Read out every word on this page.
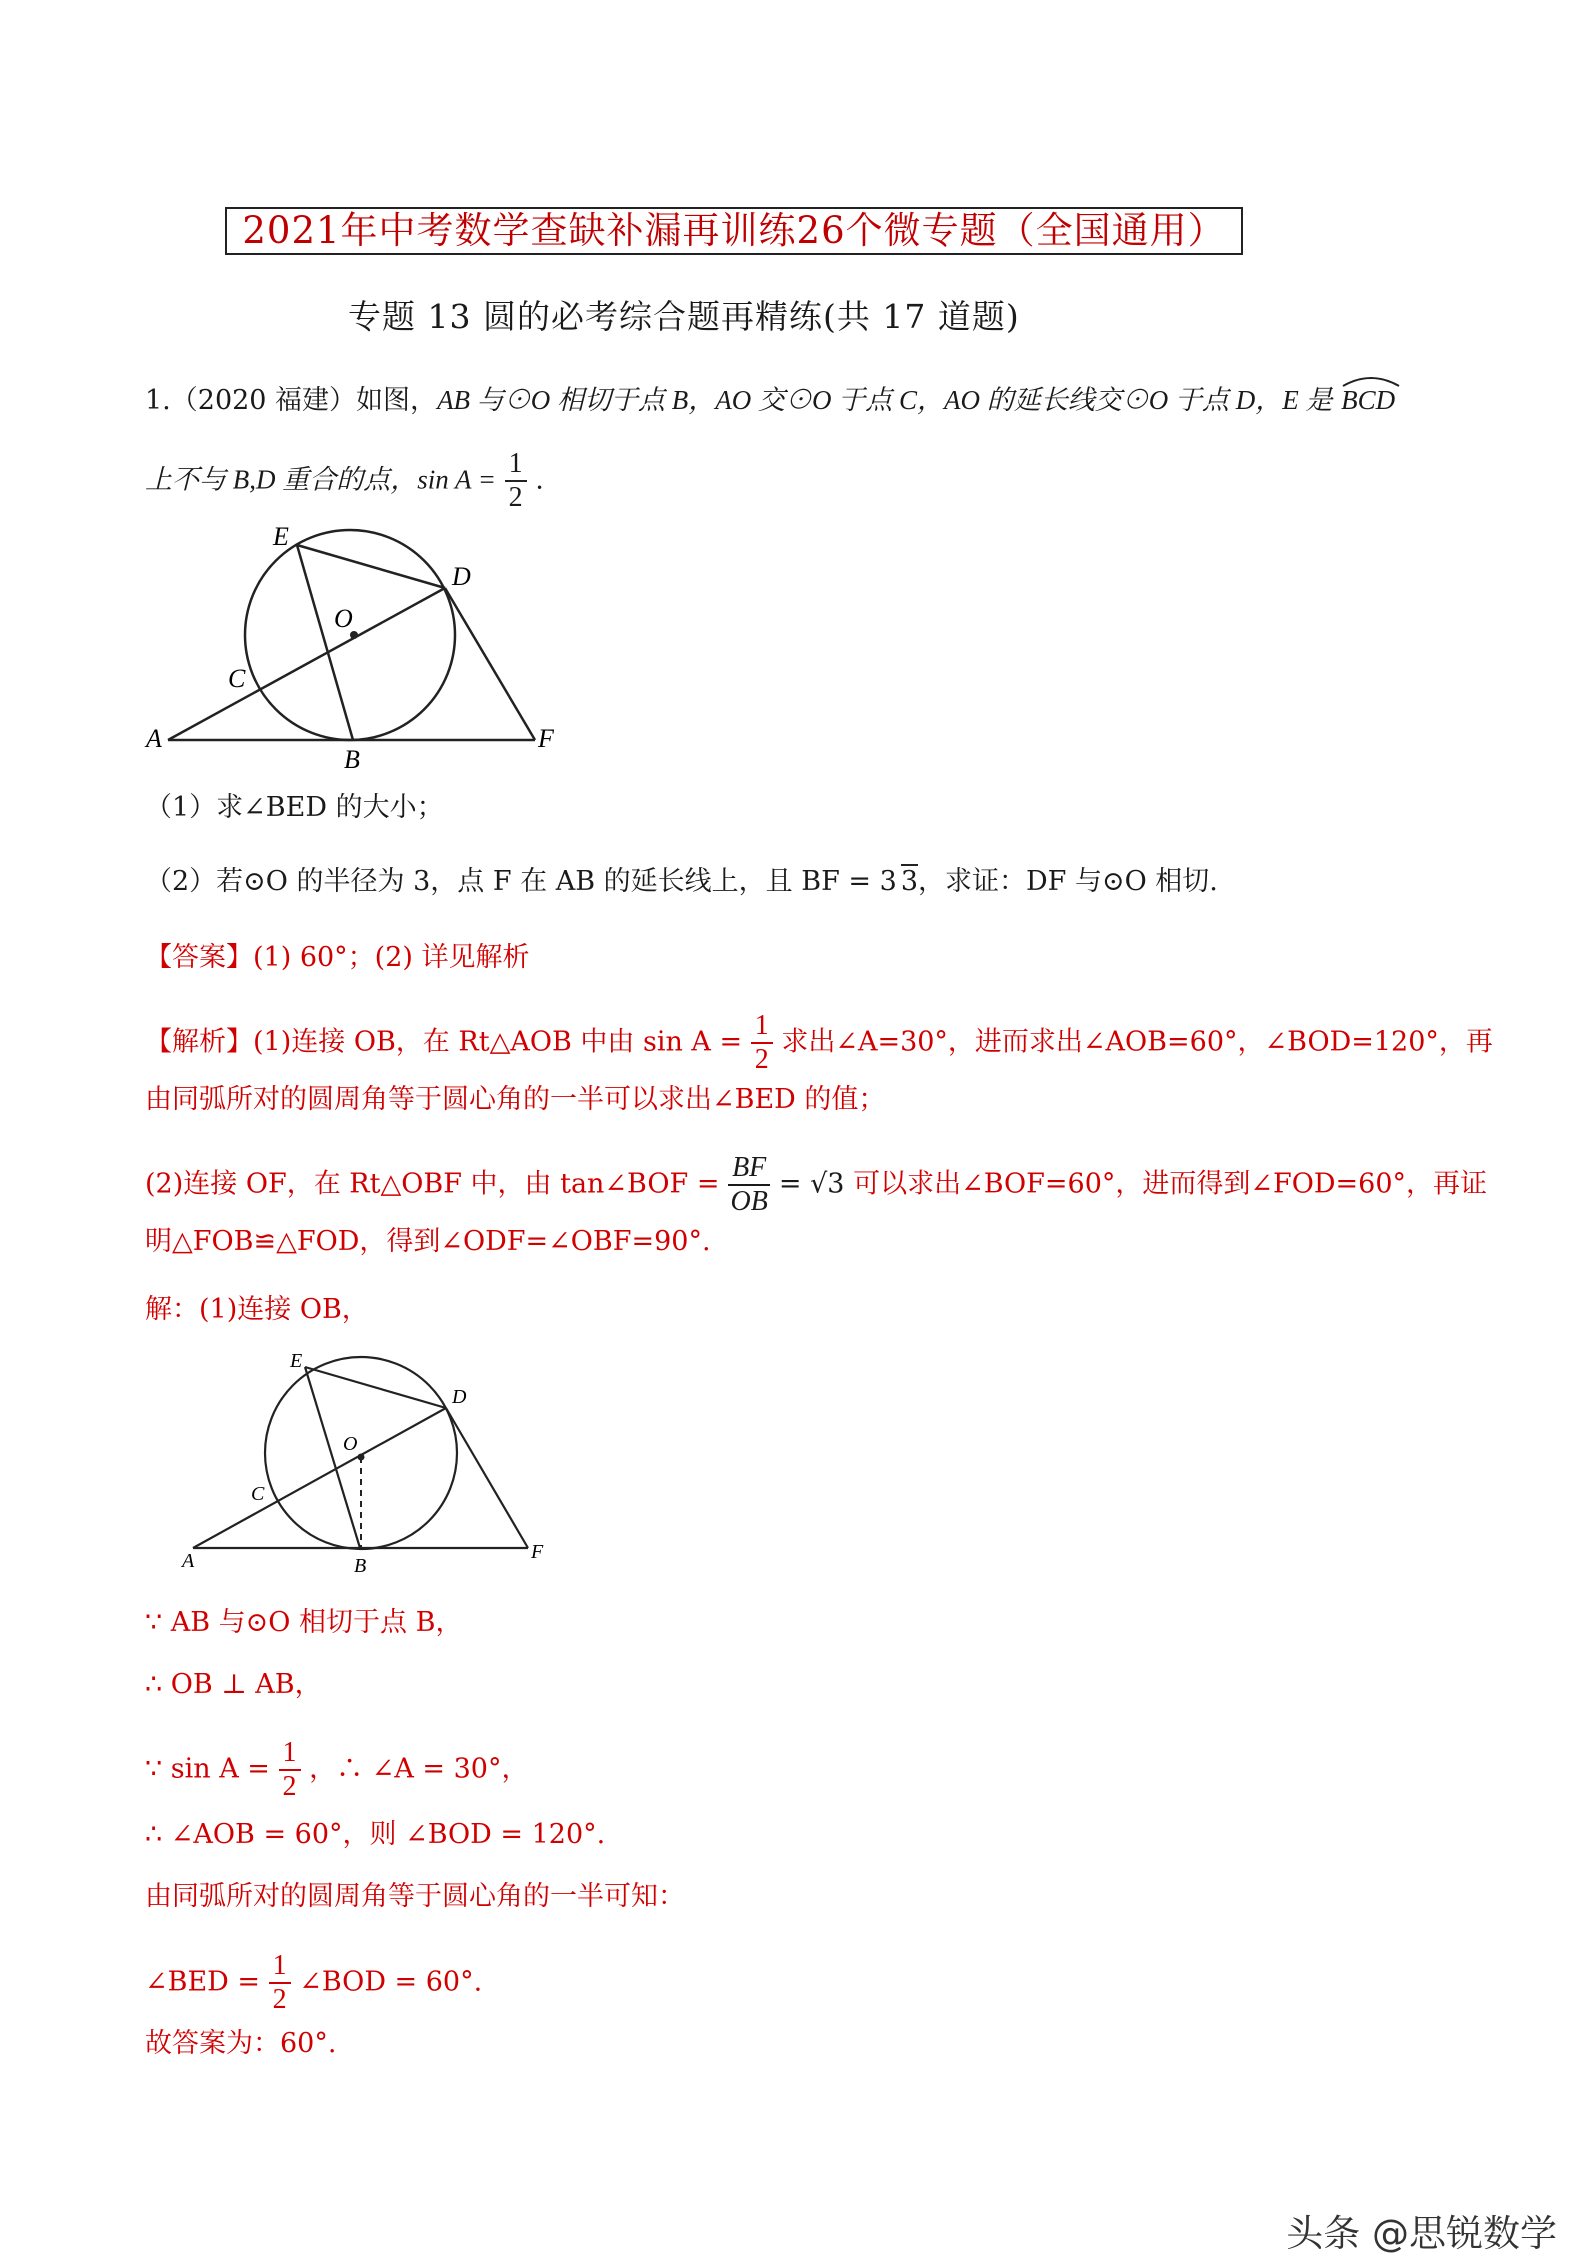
2021年中考数学查缺补漏再训练26个微专题（全国通用）
专题 13 圆的必考综合题再精练(共 17 道题)
1.（2020 福建）如图，AB 与⊙O 相切于点 B，AO 交⊙O 于点 C，AO 的延长线交⊙O 于点 D，E 是 BCD
上不与 B,D 重合的点，$\sin A = \frac{1}{2}$ .
E
D
O
C
A
B
F
（1）求∠BED 的大小；
（2）若⊙O 的半径为 3，点 F 在 AB 的延长线上，且 BF = 3 3，求证：DF 与⊙O 相切.
【答案】(1) 60°；(2) 详见解析
【解析】(1)连接 OB，在 Rt△AOB 中由 $\sin A = \frac{1}{2}$ 求出∠A=30°，进而求出∠AOB=60°，∠BOD=120°，再
由同弧所对的圆周角等于圆心角的一半可以求出∠BED 的值；
(2)连接 OF，在 Rt△OBF 中，由 tan∠BOF = $\frac{BF}{OB} = √3$ 可以求出∠BOF=60°，进而得到∠FOD=60°，再证
明△FOB≌△FOD，得到∠ODF=∠OBF=90°.
解：(1)连接 OB，
E
D
O
C
A	B
F
∵ AB 与⊙O 相切于点 B，
∴ OB ⊥ AB，
∵ $\sin A = \frac{1}{2}$ ，∴ ∠A = 30°，
∴ ∠AOB = 60°，则 ∠BOD = 120°.
由同弧所对的圆周角等于圆心角的一半可知：
∠BED = $\frac{1}{2}$ ∠BOD = 60°.
故答案为：60°.
头条 @思锐数学
